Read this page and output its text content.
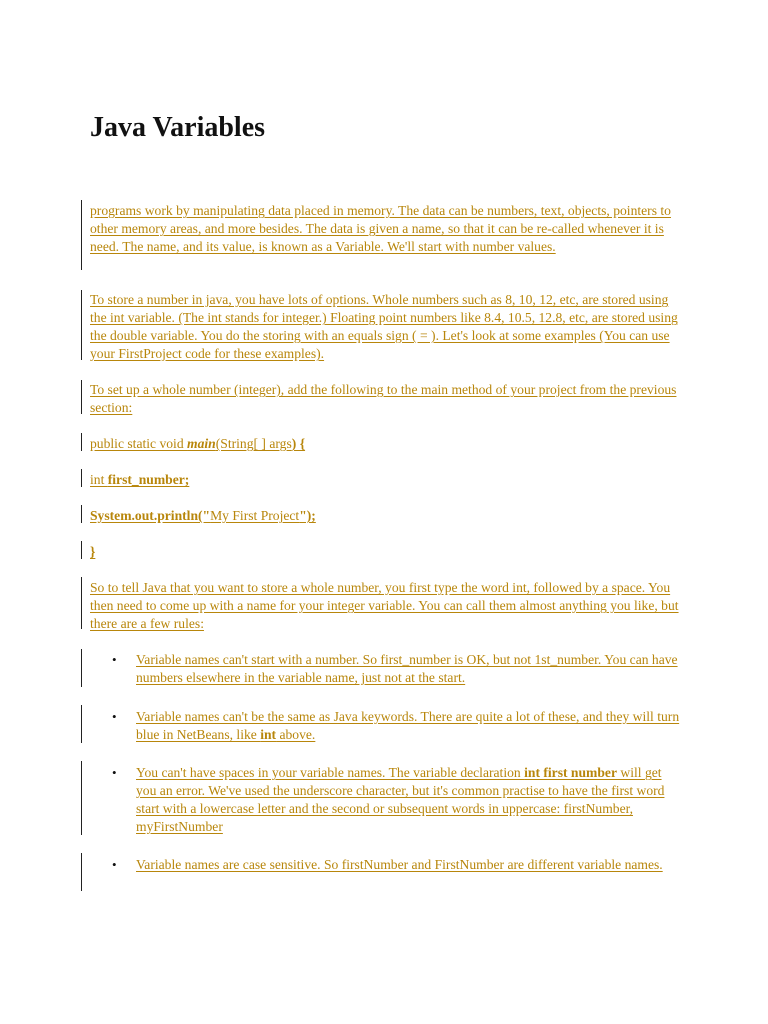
Java Variables
programs work by manipulating data placed in memory. The data can be numbers, text, objects, pointers to other memory areas, and more besides. The data is given a name, so that it can be re-called whenever it is need. The name, and its value, is known as a Variable. We'll start with number values.
To store a number in java, you have lots of options. Whole numbers such as 8, 10, 12, etc, are stored using the int variable. (The int stands for integer.) Floating point numbers like 8.4, 10.5, 12.8, etc, are stored using the double variable. You do the storing with an equals sign ( = ). Let's look at some examples (You can use your FirstProject code for these examples).
To set up a whole number (integer), add the following to the main method of your project from the previous section:
public static void main(String[ ] args) {
int first_number;
System.out.println("My First Project");
}
So to tell Java that you want to store a whole number, you first type the word int, followed by a space. You then need to come up with a name for your integer variable. You can call them almost anything you like, but there are a few rules:
•	Variable names can't start with a number. So first_number is OK, but not 1st_number. You can have numbers elsewhere in the variable name, just not at the start.
•	Variable names can't be the same as Java keywords. There are quite a lot of these, and they will turn blue in NetBeans, like int above.
•	You can't have spaces in your variable names. The variable declaration int first number will get you an error. We've used the underscore character, but it's common practise to have the first word start with a lowercase letter and the second or subsequent words in uppercase: firstNumber, myFirstNumber
•	Variable names are case sensitive. So firstNumber and FirstNumber are different variable names.
